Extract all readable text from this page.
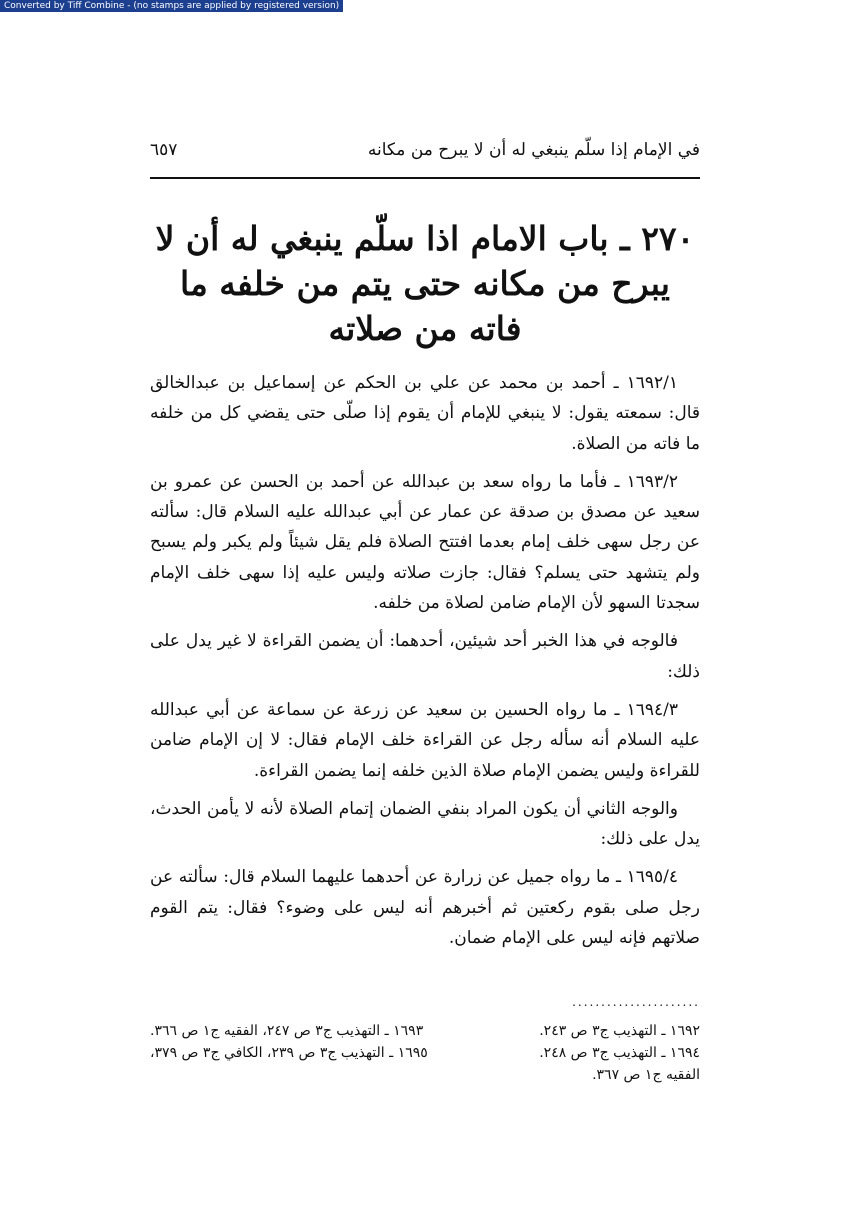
Converted by Tiff Combine - (no stamps are applied by registered version)
٦٥٧	في الإمام إذا سلّم ينبغي له أن لا يبرح من مكانه
٢٧٠ ـ باب الامام اذا سلّم ينبغي له أن لا يبرح من مكانه حتى يتم من خلفه ما فاته من صلاته

١٦٩٢/١ ـ أحمد بن محمد عن علي بن الحكم عن إسماعيل بن عبدالخالق قال: سمعته يقول: لا ينبغي للإمام أن يقوم إذا صلّى حتى يقضي كل من خلفه ما فاته من الصلاة.

١٦٩٣/٢ ـ فأما ما رواه سعد بن عبدالله عن أحمد بن الحسن عن عمرو بن سعيد عن مصدق بن صدقة عن عمار عن أبي عبدالله عليه السلام قال: سألته عن رجل سهى خلف إمام بعدما افتتح الصلاة فلم يقل شيئاً ولم يكبر ولم يسبح ولم يتشهد حتى يسلم؟ فقال: جازت صلاته وليس عليه إذا سهى خلف الإمام سجدتا السهو لأن الإمام ضامن لصلاة من خلفه.

فالوجه في هذا الخبر أحد شيئين، أحدهما: أن يضمن القراءة لا غير يدل على ذلك:

١٦٩٤/٣ ـ ما رواه الحسين بن سعيد عن زرعة عن سماعة عن أبي عبدالله عليه السلام أنه سأله رجل عن القراءة خلف الإمام فقال: لا إن الإمام ضامن للقراءة وليس يضمن الإمام صلاة الذين خلفه إنما يضمن القراءة.

والوجه الثاني أن يكون المراد بنفي الضمان إتمام الصلاة لأنه لا يأمن الحدث، يدل على ذلك:

١٦٩٥/٤ ـ ما رواه جميل عن زرارة عن أحدهما عليهما السلام قال: سألته عن رجل صلى بقوم ركعتين ثم أخبرهم أنه ليس على وضوء؟ فقال: يتم القوم صلاتهم فإنه ليس على الإمام ضمان.

......................
١٦٩٢ ـ التهذيب ج٣ ص ٢٤٣.
١٦٩٣ ـ التهذيب ج٣ ص ٢٤٧، الفقيه ج١ ص ٣٦٦.
١٦٩٤ ـ التهذيب ج٣ ص ٢٤٨.
١٦٩٥ ـ التهذيب ج٣ ص ٢٣٩، الكافي ج٣ ص ٣٧٩،
الفقيه ج١ ص ٣٦٧.
